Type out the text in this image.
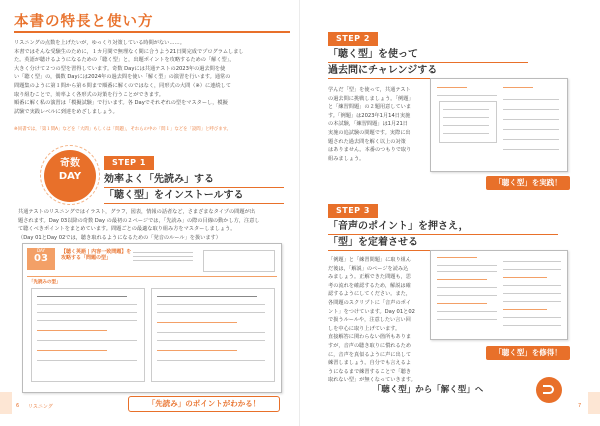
本書の特長と使い方

リスニングの点数を上げたいが，ゆっくり対策している時間がない……。

本書ではそんな受験生のために，１カ月間で無理なく間に合うよう21日間完成でプログラムしまし

た。英語が聴けるようになるための「聴く型」と，出題ポイントを攻略するための「解く型」，

大きく分けて２つの型を習得しています。奇数 Dayには共通テストの2023年の過去問を使

い「聴く型」の，偶数 Dayには2024年の過去問を使い「解く型」の演習を行います。通常の

問題集のように第１問から第６問まで順番に解くのではなく，同形式の大問（※）に連続して

取り組むことで，効率よく各形式の対策を行うことができます。

順番に解く私の演習は「模擬試験」で行います。各 Dayでそれぞれの型をマスターし，模擬

試験で実践レベルに到達をめざしましょう。

※同書では，「第１問A」などを「大問」もしくは「問題」，それらの中の「問１」などを「設問」と呼びます。
奇数
DAY
STEP 1
効率よく「先読み」する
「聴く型」をインストールする
共通テストのリスニングではイラスト，グラフ，図表，情報の話者など，さまざまなタイプの問題が出
題されます。Day 03以降の奇数 Day の最初の２ページでは，「先読み」の際の目線の動かし方，注意し
て聴くべきポイントをまとめています。問題ごとの最適な取り組み方をマスターしましょう。
（Day 01とDay 02では，聴き取れるようになるための「発音のルール」を扱います）
DAY
03
【聴く英語 | 内容一致問題】を
攻略する「問題の型」
「先読みの型」
「先読み」のポイントがわかる！
6 リスニング
STEP 2
「聴く型」を使って
過去問にチャレンジする
学んだ「型」を使って，共通テスト
の過去問に挑戦しましょう。「例題」
と「練習問題」の２題用意していま
す。「例題」は2023年1月14日実施
の本試験，「練習問題」は1月21日
実施の追試験の問題です。実際に出
題された過去問を解く以上の対策
はありません。本番のつもりで取り
組みましょう。
「聴く型」を実践！
STEP 3
「音声のポイント」を押さえ，
「型」を定着させる
「例題」と「練習問題」に取り組ん
だ後は，「解説」のページを読み込
みましょう。正解できた問題も，思
考の流れを確認するため，解説は確
認するようにしてください。また，
各問題のスクリプトに「音声のポイ
ント」をつけています。Day 01と02
で扱うルールや，注意したい言い回
しを中心に取り上げています。
直接解答に関わらない箇所もありま
すが，音声の聴き取りに慣れるため
に，音声を真似るように声に出して
練習しましょう。自分でも言えるよ
うになるまで練習することで「聴き
取れない型」が無くなっていきます。
「聴く型」を修得！
7
「聴く型」から「解く型」へ
